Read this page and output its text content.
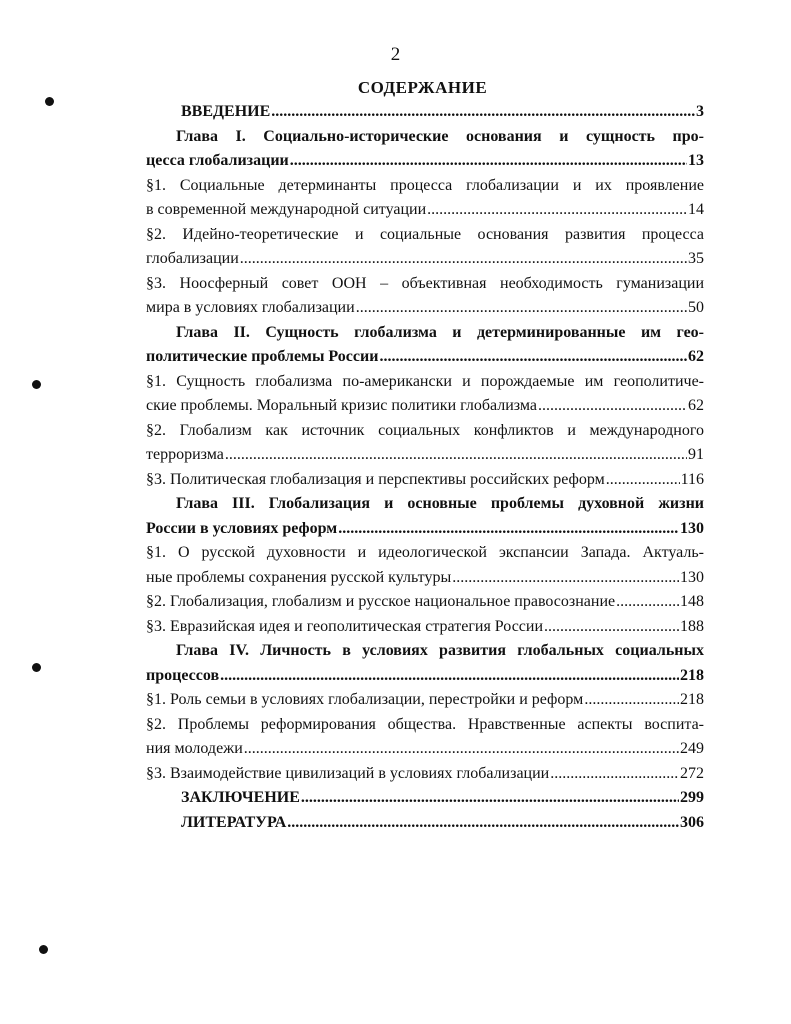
2
СОДЕРЖАНИЕ
ВВЕДЕНИЕ .....	3
Глава I. Социально-исторические основания и сущность про-
цесса глобализации .....	13
§1. Социальные детерминанты процесса глобализации и их проявление
в современной международной ситуации .....	14
§2. Идейно-теоретические и социальные основания развития процесса
глобализации .....	35
§3. Ноосферный совет ООН – объективная необходимость гуманизации
мира в условиях глобализации .....	50
Глава II. Сущность глобализма и детерминированные им гео-
политические проблемы России .....	62
§1. Сущность глобализма по-американски и порождаемые им геополитиче-
ские проблемы. Моральный кризис политики глобализма .....	62
§2. Глобализм как источник социальных конфликтов и международного
терроризма .....	91
§3. Политическая глобализация и перспективы российских реформ .....	116
Глава III. Глобализация и основные проблемы духовной жизни
России в условиях реформ .....	130
§1. О русской духовности и идеологической экспансии Запада. Актуаль-
ные проблемы сохранения русской культуры .....	130
§2. Глобализация, глобализм и русское национальное правосознание .....	148
§3. Евразийская идея и геополитическая стратегия России .....	188
Глава IV. Личность в условиях развития глобальных социальных
процессов .....	218
§1. Роль семьи в условиях глобализации, перестройки и реформ .....	218
§2. Проблемы реформирования общества. Нравственные аспекты воспита-
ния молодежи .....	249
§3. Взаимодействие цивилизаций в условиях глобализации .....	272
ЗАКЛЮЧЕНИЕ .....	299
ЛИТЕРАТУРА .....	306
